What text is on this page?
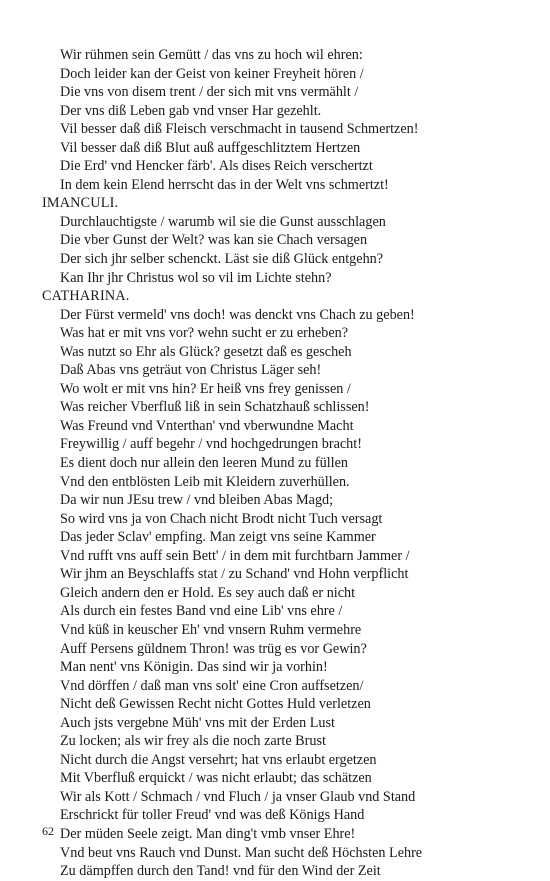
Wir rühmen sein Gemütt / das vns zu hoch wil ehren:
Doch leider kan der Geist von keiner Freyheit hören /
Die vns von disem trent / der sich mit vns vermählt /
Der vns diß Leben gab vnd vnser Har gezehlt.
Vil besser daß diß Fleisch verschmacht in tausend Schmertzen!
Vil besser daß diß Blut auß auffgeschlitztem Hertzen
Die Erd' vnd Hencker färb'. Als dises Reich verschertzt
In dem kein Elend herrscht das in der Welt vns schmertzt!
IMANCULI.
Durchlauchtigste / warumb wil sie die Gunst ausschlagen
Die vber Gunst der Welt? was kan sie Chach versagen
Der sich jhr selber schenckt. Läst sie diß Glück entgehn?
Kan Ihr jhr Christus wol so vil im Lichte stehn?
CATHARINA.
Der Fürst vermeld' vns doch! was denckt vns Chach zu geben!
Was hat er mit vns vor? wehn sucht er zu erheben?
Was nutzt so Ehr als Glück? gesetzt daß es gescheh
Daß Abas vns geträut von Christus Läger seh!
Wo wolt er mit vns hin? Er heiß vns frey genissen /
Was reicher Vberfluß liß in sein Schatzhauß schlissen!
Was Freund vnd Vnterthan' vnd vberwundne Macht
Freywillig / auff begehr / vnd hochgedrungen bracht!
Es dient doch nur allein den leeren Mund zu füllen
Vnd den entblösten Leib mit Kleidern zuverhüllen.
Da wir nun JEsu trew / vnd bleiben Abas Magd;
So wird vns ja von Chach nicht Brodt nicht Tuch versagt
Das jeder Sclav' empfing. Man zeigt vns seine Kammer
Vnd rufft vns auff sein Bett' / in dem mit furchtbarn Jammer /
Wir jhm an Beyschlaffs stat / zu Schand' vnd Hohn verpflicht
Gleich andern den er Hold. Es sey auch daß er nicht
Als durch ein festes Band vnd eine Lib' vns ehre /
Vnd küß in keuscher Eh' vnd vnsern Ruhm vermehre
Auff Persens güldnem Thron! was trüg es vor Gewin?
Man nent' vns Königin. Das sind wir ja vorhin!
Vnd dörffen / daß man vns solt' eine Cron auffsetzen/
Nicht deß Gewissen Recht nicht Gottes Huld verletzen
Auch jsts vergebne Müh' vns mit der Erden Lust
Zu locken; als wir frey als die noch zarte Brust
Nicht durch die Angst versehrt; hat vns erlaubt ergetzen
Mit Vberfluß erquickt / was nicht erlaubt; das schätzen
Wir als Kott / Schmach / vnd Fluch / ja vnser Glaub vnd Stand
Erschrickt für toller Freud' vnd was deß Königs Hand
Der müden Seele zeigt. Man ding't vmb vnser Ehre!
Vnd beut vns Rauch vnd Dunst. Man sucht deß Höchsten Lehre
Zu dämpffen durch den Tand! vnd für den Wind der Zeit
62
